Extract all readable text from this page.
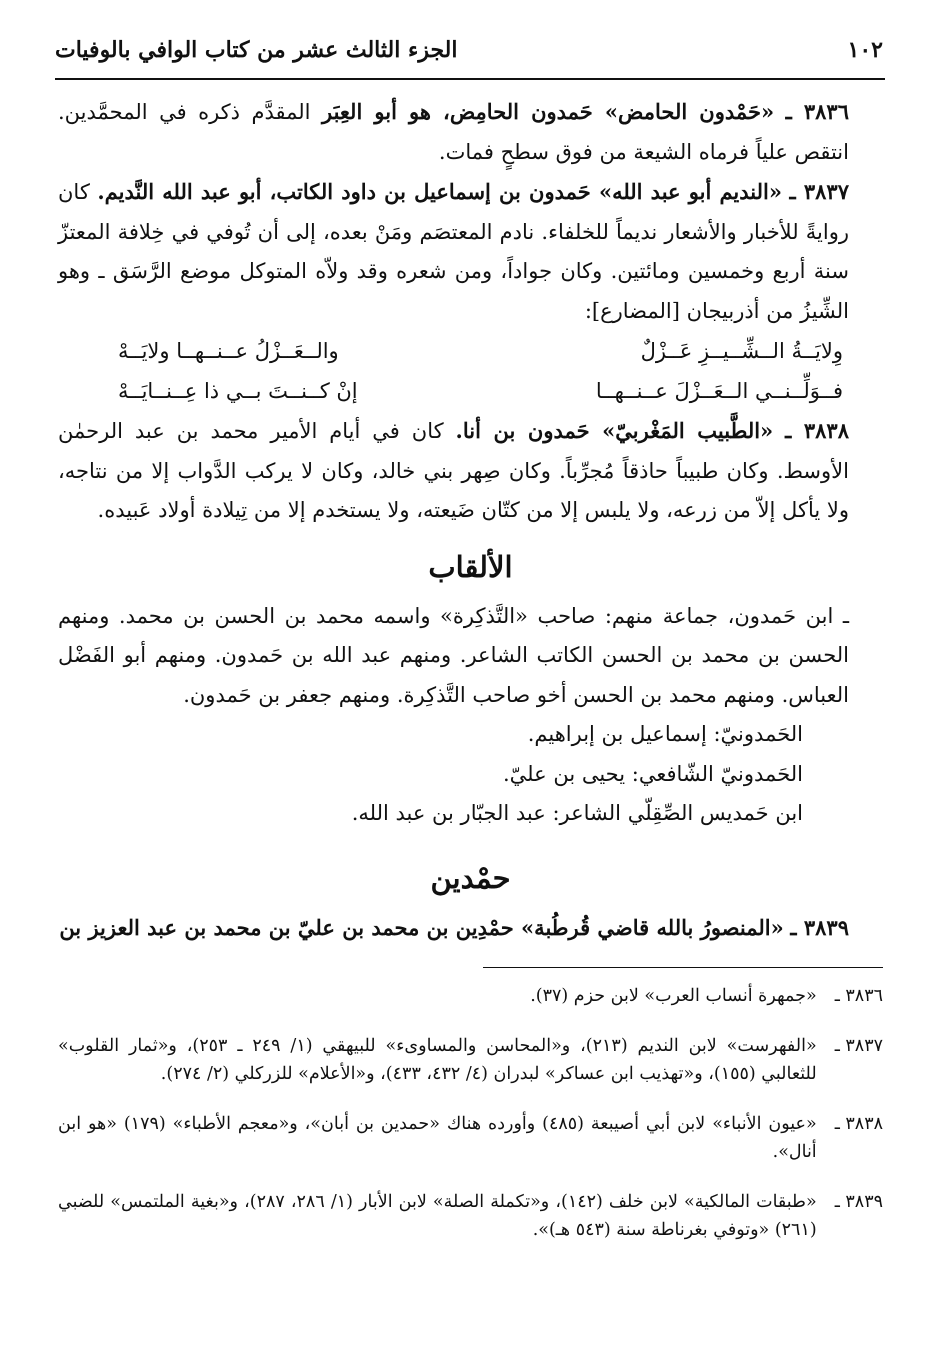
١٠٢
الجزء الثالث عشر من كتاب الوافي بالوفيات

٣٨٣٦ ـ «حَمْدون الحامض» حَمدون الحامِض، هو أبو العِبَر المقدَّم ذكره في المحمَّدين. انتقص علياً فرماه الشيعة من فوق سطحٍ فمات.

٣٨٣٧ ـ «النديم أبو عبد الله» حَمدون بن إسماعيل بن داود الكاتب، أبو عبد الله النَّديم. كان روايةً للأخبار والأشعار نديماً للخلفاء. نادم المعتصَم ومَنْ بعده، إلى أن تُوفي في خِلافة المعتزّ سنة أربع وخمسين ومائتين. وكان جواداً، ومن شعره وقد ولاّه المتوكل موضع الرَّسَق ـ وهو الشِّيزُ من أذربيجان [المضارع]:

وِلايَــةُ الــشِّــيــزِ عَــزْلٌ
والــعَــزْلُ عــنــهــا ولايَــهْ
فــوَلِّــنــي الــعَــزْلَ عــنــهــا
إنْ كــنــتَ بــي ذا عِــنــايَــهْ

٣٨٣٨ ـ «الطَّبيب المَغْربيّ» حَمدون بن أنا. كان في أيام الأمير محمد بن عبد الرحمٰن الأوسط. وكان طبيباً حاذقاً مُجرِّباً. وكان صِهر بني خالد، وكان لا يركب الدَّواب إلا من نتاجه، ولا يأكل إلاّ من زرعه، ولا يلبس إلا من كتّان ضَيعته، ولا يستخدم إلا من تِيلادة أولاد عَبيده.

الألقاب

ـ ابن حَمدون، جماعة منهم: صاحب «التَّذكِرة» واسمه محمد بن الحسن بن محمد. ومنهم الحسن بن محمد بن الحسن الكاتب الشاعر. ومنهم عبد الله بن حَمدون. ومنهم أبو الفَضْل العباس. ومنهم محمد بن الحسن أخو صاحب التَّذكِرة. ومنهم جعفر بن حَمدون.

الحَمدونيّ: إسماعيل بن إبراهيم.

الحَمدونيّ الشّافعي: يحيى بن عليّ.

ابن حَمديس الصِّقِلّي الشاعر: عبد الجبّار بن عبد الله.

حمْدين

٣٨٣٩ ـ «المنصورُ بالله قاضي قُرطُبة» حمْدِين بن محمد بن عليّ بن محمد بن عبد العزيز بن

٣٨٣٦ ـ
«جمهرة أنساب العرب» لابن حزم (٣٧).
٣٨٣٧ ـ
«الفهرست» لابن النديم (٢١٣)، و«المحاسن والمساوىء» للبيهقي (١/ ٢٤٩ ـ ٢٥٣)، و«ثمار القلوب» للثعالبي (١٥٥)، و«تهذيب ابن عساكر» لبدران (٤/ ٤٣٢، ٤٣٣)، و«الأعلام» للزركلي (٢/ ٢٧٤).
٣٨٣٨ ـ
«عيون الأنباء» لابن أبي أصيبعة (٤٨٥) وأورده هناك «حمدين بن أبان»، و«معجم الأطباء» (١٧٩) «هو ابن أنال».
٣٨٣٩ ـ
«طبقات المالكية» لابن خلف (١٤٢)، و«تكملة الصلة» لابن الأبار (١/ ٢٨٦، ٢٨٧)، و«بغية الملتمس» للضبي (٢٦١) «وتوفي بغرناطة سنة (٥٤٣ هـ)».
